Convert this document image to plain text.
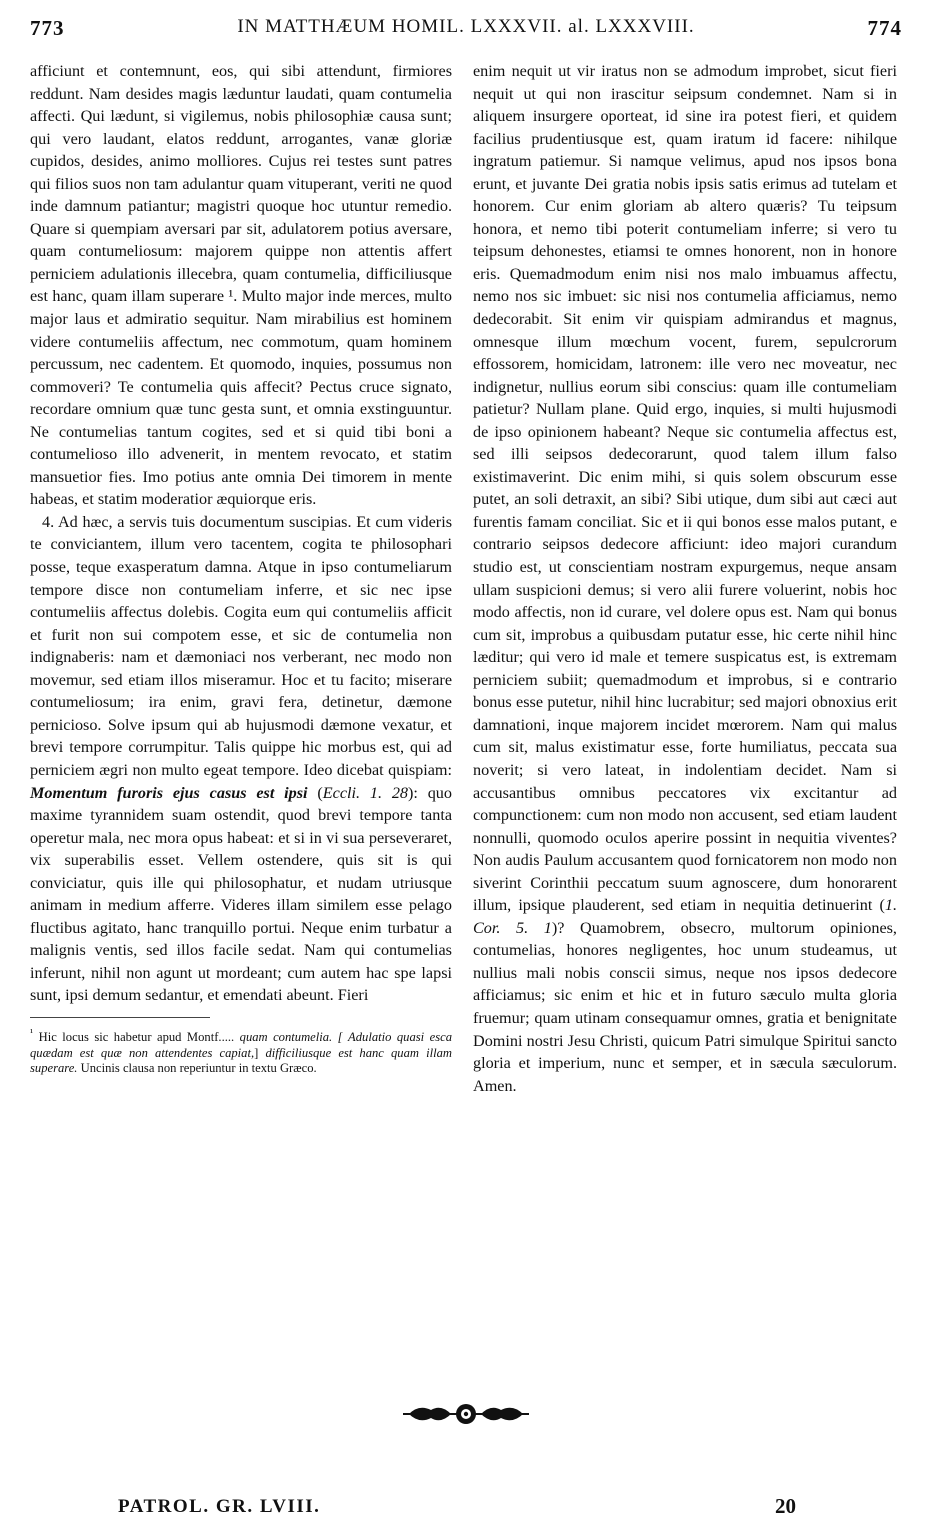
773	IN MATTHÆUM HOMIL. LXXXVII. al. LXXXVIII.	774

afficiunt et contemnunt, eos, qui sibi attendunt, firmiores reddunt. Nam desides magis læduntur laudati, quam contumelia affecti. Qui lædunt, si vigilemus, nobis philosophiæ causa sunt; qui vero laudant, elatos reddunt, arrogantes, vanæ gloriæ cupidos, desides, animo molliores. Cujus rei testes sunt patres qui filios suos non tam adulantur quam vituperant, veriti ne quod inde damnum patiantur; magistri quoque hoc utuntur remedio. Quare si quempiam aversari par sit, adulatorem potius aversare, quam contumeliosum: majorem quippe non attentis affert perniciem adulationis illecebra, quam contumelia, difficiliusque est hanc, quam illam superare ¹. Multo major inde merces, multo major laus et admiratio sequitur. Nam mirabilius est hominem videre contumeliis affectum, nec commotum, quam hominem percussum, nec cadentem. Et quomodo, inquies, possumus non commoveri? Te contumelia quis affecit? Pectus cruce signato, recordare omnium quæ tunc gesta sunt, et omnia exstinguuntur. Ne contumelias tantum cogites, sed et si quid tibi boni a contumelioso illo advenerit, in mentem revocato, et statim mansuetior fies. Imo potius ante omnia Dei timorem in mente habeas, et statim moderatior æquiorque eris.

4. Ad hæc, a servis tuis documentum suscipias. Et cum videris te conviciantem, illum vero tacentem, cogita te philosophari posse, teque exasperatum damna. Atque in ipso contumeliarum tempore disce non contumeliam inferre, et sic nec ipse contumeliis affectus dolebis. Cogita eum qui contumeliis afficit et furit non sui compotem esse, et sic de contumelia non indignaberis: nam et dæmoniaci nos verberant, nec modo non movemur, sed etiam illos miseramur. Hoc et tu facito; miserare contumeliosum; ira enim, gravi fera, detinetur, dæmone pernicioso. Solve ipsum qui ab hujusmodi dæmone vexatur, et brevi tempore corrumpitur. Talis quippe hic morbus est, qui ad perniciem ægri non multo egeat tempore. Ideo dicebat quispiam: Momentum furoris ejus casus est ipsi (Eccli. 1. 28): quo maxime tyrannidem suam ostendit, quod brevi tempore tanta operetur mala, nec mora opus habeat: et si in vi sua perseveraret, vix superabilis esset. Vellem ostendere, quis sit is qui conviciatur, quis ille qui philosophatur, et nudam utriusque animam in medium afferre. Videres illam similem esse pelago fluctibus agitato, hanc tranquillo portui. Neque enim turbatur a malignis ventis, sed illos facile sedat. Nam qui contumelias inferunt, nihil non agunt ut mordeant; cum autem hac spe lapsi sunt, ipsi demum sedantur, et emendati abeunt. Fieri

$^{^1}$ Hic locus sic habetur apud Montf..... quam contumelia. [ Adulatio quasi esca quædam est quæ non attendentes capiat,] difficiliusque est hanc quam illam superare. Uncinis clausa non reperiuntur in textu Græco.

enim nequit ut vir iratus non se admodum improbet, sicut fieri nequit ut qui non irascitur seipsum condemnet. Nam si in aliquem insurgere oporteat, id sine ira potest fieri, et quidem facilius prudentiusque est, quam iratum id facere: nihilque ingratum patiemur. Si namque velimus, apud nos ipsos bona erunt, et juvante Dei gratia nobis ipsis satis erimus ad tutelam et honorem. Cur enim gloriam ab altero quæris? Tu teipsum honora, et nemo tibi poterit contumeliam inferre; si vero tu teipsum dehonestes, etiamsi te omnes honorent, non in honore eris. Quemadmodum enim nisi nos malo imbuamus affectu, nemo nos sic imbuet: sic nisi nos contumelia afficiamus, nemo dedecorabit. Sit enim vir quispiam admirandus et magnus, omnesque illum mœchum vocent, furem, sepulcrorum effossorem, homicidam, latronem: ille vero nec moveatur, nec indignetur, nullius eorum sibi conscius: quam ille contumeliam patietur? Nullam plane. Quid ergo, inquies, si multi hujusmodi de ipso opinionem habeant? Neque sic contumelia affectus est, sed illi seipsos dedecorarunt, quod talem illum falso existimaverint. Dic enim mihi, si quis solem obscurum esse putet, an soli detraxit, an sibi? Sibi utique, dum sibi aut cæci aut furentis famam conciliat. Sic et ii qui bonos esse malos putant, e contrario seipsos dedecore afficiunt: ideo majori curandum studio est, ut conscientiam nostram expurgemus, neque ansam ullam suspicioni demus; si vero alii furere voluerint, nobis hoc modo affectis, non id curare, vel dolere opus est. Nam qui bonus cum sit, improbus a quibusdam putatur esse, hic certe nihil hinc læditur; qui vero id male et temere suspicatus est, is extremam perniciem subiit; quemadmodum et improbus, si e contrario bonus esse putetur, nihil hinc lucrabitur; sed majori obnoxius erit damnationi, inque majorem incidet mœrorem. Nam qui malus cum sit, malus existimatur esse, forte humiliatus, peccata sua noverit; si vero lateat, in indolentiam decidet. Nam si accusantibus omnibus peccatores vix excitantur ad compunctionem: cum non modo non accusent, sed etiam laudent nonnulli, quomodo oculos aperire possint in nequitia viventes? Non audis Paulum accusantem quod fornicatorem non modo non siverint Corinthii peccatum suum agnoscere, dum honorarent illum, ipsique plauderent, sed etiam in nequitia detinuerint (1. Cor. 5. 1)? Quamobrem, obsecro, multorum opiniones, contumelias, honores negligentes, hoc unum studeamus, ut nullius mali nobis conscii simus, neque nos ipsos dedecore afficiamus; sic enim et hic et in futuro sæculo multa gloria fruemur; quam utinam consequamur omnes, gratia et benignitate Domini nostri Jesu Christi, quicum Patri simulque Spiritui sancto gloria et imperium, nunc et semper, et in sæcula sæculorum. Amen.

PATROL. GR. LVIII.	20
